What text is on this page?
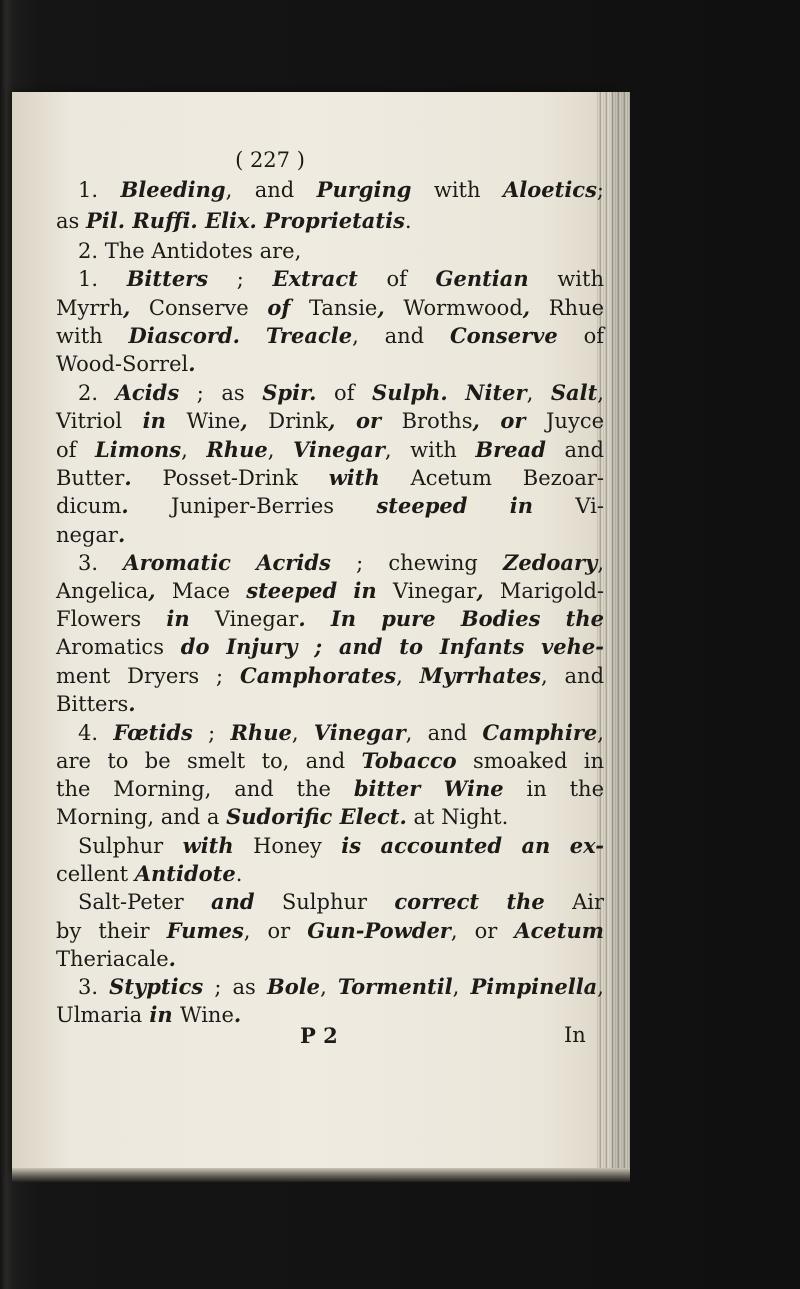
( 227 )
1. Bleeding, and Purging with Aloetics;
as Pil. Ruffi. Elix. Proprietatis.
2. The Antidotes are,
1. Bitters ; Extract of Gentian with
Myrrh, Conserve of Tansie, Wormwood, Rhue
with Diascord. Treacle, and Conserve of
Wood-Sorrel.
2. Acids ; as Spir. of Sulph. Niter, Salt,
Vitriol in Wine, Drink, or Broths, or Juyce
of Limons, Rhue, Vinegar, with Bread and
Butter. Posset-Drink with Acetum Bezoar-
dicum. Juniper-Berries steeped in Vi-
negar.
3. Aromatic Acrids ; chewing Zedoary,
Angelica, Mace steeped in Vinegar, Marigold-
Flowers in Vinegar. In pure Bodies the
Aromatics do Injury ; and to Infants vehe-
ment Dryers ; Camphorates, Myrrhates, and
Bitters.
4. Fœtids ; Rhue, Vinegar, and Camphire,
are to be smelt to, and Tobacco smoaked in
the Morning, and the bitter Wine in the
Morning, and a Sudorific Elect. at Night.
Sulphur with Honey is accounted an ex-
cellent Antidote.
Salt-Peter and Sulphur correct the Air
by their Fumes, or Gun-Powder, or Acetum
Theriacale.
3. Styptics ; as Bole, Tormentil, Pimpinella,
Ulmaria in Wine.
P 2	In
